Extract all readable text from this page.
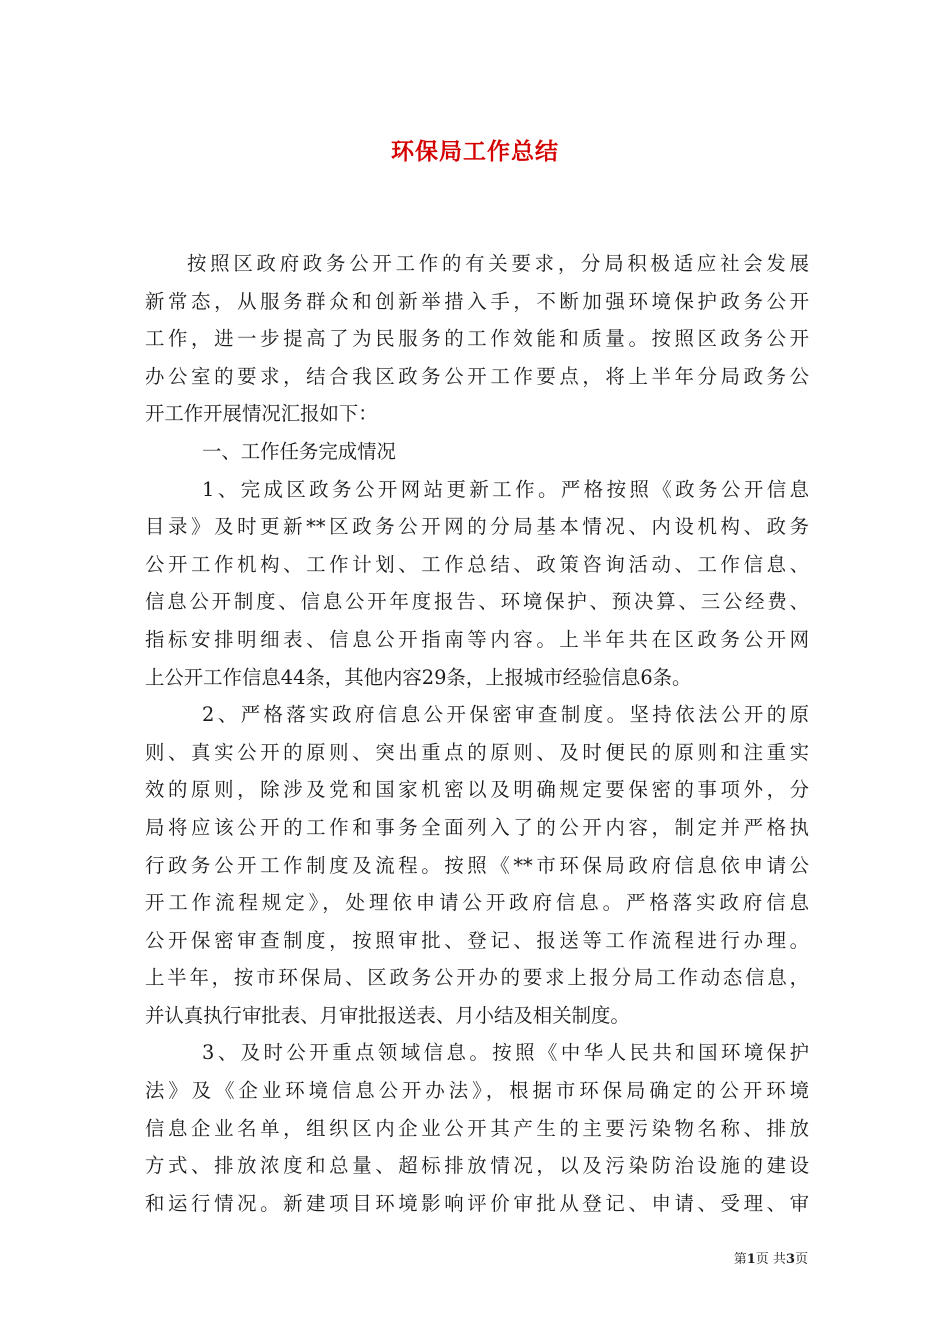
环保局工作总结
按照区政府政务公开工作的有关要求，分局积极适应社会发展
新常态，从服务群众和创新举措入手，不断加强环境保护政务公开
工作，进一步提高了为民服务的工作效能和质量。按照区政务公开
办公室的要求，结合我区政务公开工作要点，将上半年分局政务公
开工作开展情况汇报如下：
一、工作任务完成情况
1、完成区政务公开网站更新工作。严格按照《政务公开信息
目录》及时更新**区政务公开网的分局基本情况、内设机构、政务
公开工作机构、工作计划、工作总结、政策咨询活动、工作信息、
信息公开制度、信息公开年度报告、环境保护、预决算、三公经费、
指标安排明细表、信息公开指南等内容。上半年共在区政务公开网
上公开工作信息44条，其他内容29条，上报城市经验信息6条。
2、严格落实政府信息公开保密审查制度。坚持依法公开的原
则、真实公开的原则、突出重点的原则、及时便民的原则和注重实
效的原则，除涉及党和国家机密以及明确规定要保密的事项外，分
局将应该公开的工作和事务全面列入了的公开内容，制定并严格执
行政务公开工作制度及流程。按照《**市环保局政府信息依申请公
开工作流程规定》，处理依申请公开政府信息。严格落实政府信息
公开保密审查制度，按照审批、登记、报送等工作流程进行办理。
上半年，按市环保局、区政务公开办的要求上报分局工作动态信息，
并认真执行审批表、月审批报送表、月小结及相关制度。
3、及时公开重点领域信息。按照《中华人民共和国环境保护
法》及《企业环境信息公开办法》，根据市环保局确定的公开环境
信息企业名单，组织区内企业公开其产生的主要污染物名称、排放
方式、排放浓度和总量、超标排放情况，以及污染防治设施的建设
和运行情况。新建项目环境影响评价审批从登记、申请、受理、审
第1页 共3页
